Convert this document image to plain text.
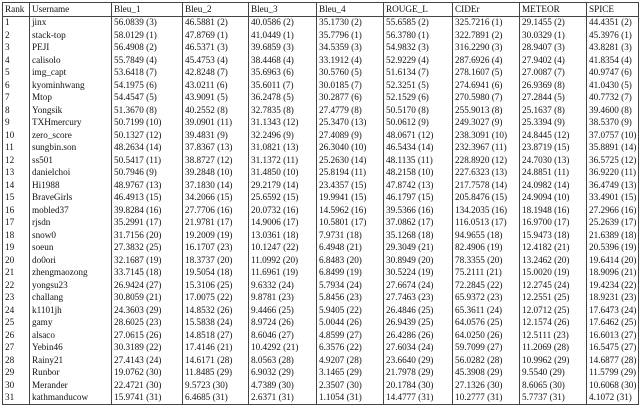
Rank	Username	Bleu_1	Bleu_2	Bleu_3	Bleu_4	ROUGE_L	CIDEr	METEOR	SPICE
1	jinx	56.0839 (3)	46.5881 (2)	40.0586 (2)	35.1730 (2)	55.6585 (2)	325.7216 (1)	29.1455 (2)	44.4351 (2)
2	stack-top	58.0129 (1)	47.8769 (1)	41.0449 (1)	35.7796 (1)	56.3780 (1)	322.7891 (2)	30.0329 (1)	45.3976 (1)
3	PEJI	56.4908 (2)	46.5371 (3)	39.6859 (3)	34.5359 (3)	54.9832 (3)	316.2290 (3)	28.9407 (3)	43.8281 (3)
4	calisolo	55.7849 (4)	45.4753 (4)	38.4468 (4)	33.1912 (4)	52.9229 (4)	287.6926 (4)	27.9402 (4)	41.8354 (4)
5	img_capt	53.6418 (7)	42.8248 (7)	35.6963 (6)	30.5760 (5)	51.6134 (7)	278.1607 (5)	27.0087 (7)	40.9747 (6)
6	kyominhwang	54.1975 (6)	43.0211 (6)	35.6011 (7)	30.0185 (7)	52.3251 (5)	274.6941 (6)	26.9369 (8)	41.0430 (5)
7	Mtop	54.4547 (5)	43.9091 (5)	36.2478 (5)	30.2877 (6)	52.1529 (6)	270.5980 (7)	27.2844 (5)	40.7732 (7)
8	Yongsik	51.3670 (8)	40.2552 (8)	32.7835 (8)	27.4779 (8)	50.5170 (8)	255.9013 (8)	25.1637 (8)	39.4600 (8)
9	TXHmercury	50.7199 (10)	39.0901 (11)	31.1343 (12)	25.3470 (13)	50.0612 (9)	249.3027 (9)	25.3394 (9)	38.5370 (9)
10	zero_score	50.1327 (12)	39.4831 (9)	32.2496 (9)	27.4089 (9)	48.0671 (12)	238.3091 (10)	24.8445 (12)	37.0757 (10)
11	sungbin.son	48.2634 (14)	37.8367 (13)	31.0821 (13)	26.3040 (10)	46.5434 (14)	232.3967 (11)	23.8719 (15)	35.8891 (14)
12	ss501	50.5417 (11)	38.8727 (12)	31.1372 (11)	25.2630 (14)	48.1135 (11)	228.8920 (12)	24.7030 (13)	36.5725 (12)
13	danielchoi	50.7946 (9)	39.2848 (10)	31.4850 (10)	25.8194 (11)	48.2158 (10)	227.6323 (13)	24.8851 (11)	36.9220 (11)
14	Hi1988	48.9767 (13)	37.1830 (14)	29.2179 (14)	23.4357 (15)	47.8742 (13)	217.7578 (14)	24.0982 (14)	36.4749 (13)
15	BraveGirls	46.4913 (15)	34.2066 (15)	25.6592 (15)	19.9941 (15)	46.1797 (15)	205.8476 (15)	24.9094 (10)	33.4901 (15)
16	mobled37	39.8284 (16)	27.7706 (16)	20.0732 (16)	14.5962 (16)	39.5366 (16)	134.2035 (16)	18.1948 (16)	27.2966 (16)
17	rjsdn	35.2991 (17)	21.9781 (17)	14.9006 (17)	10.5801 (17)	37.0862 (17)	116.0513 (17)	16.9700 (17)	25.2639 (17)
18	snow0	31.7156 (20)	19.2009 (19)	13.0361 (18)	7.9731 (18)	35.1268 (18)	94.9655 (18)	15.9473 (18)	21.6389 (18)
19	soeun	27.3832 (25)	16.1707 (23)	10.1247 (22)	6.4948 (21)	29.3049 (21)	82.4906 (19)	12.4182 (21)	20.5396 (19)
20	do0ori	32.1687 (19)	18.3737 (20)	11.0992 (20)	6.8483 (20)	30.8949 (20)	78.3355 (20)	13.2462 (20)	19.6414 (20)
21	zhengmaozong	33.7145 (18)	19.5054 (18)	11.6961 (19)	6.8499 (19)	30.5224 (19)	75.2111 (21)	15.0020 (19)	18.9096 (21)
22	yongsu23	26.9424 (27)	15.3106 (25)	9.6332 (24)	5.7934 (24)	27.6674 (24)	72.2845 (22)	12.2745 (24)	19.4234 (22)
23	challang	30.8059 (21)	17.0075 (22)	9.8781 (23)	5.8456 (23)	27.7463 (23)	65.9372 (23)	12.2551 (25)	18.9231 (23)
24	k1101jh	24.3603 (29)	14.8532 (26)	9.4466 (25)	5.9405 (22)	26.4846 (25)	65.3611 (24)	12.0712 (25)	17.6473 (24)
25	gamy	28.6025 (23)	15.5838 (24)	8.9724 (26)	5.0044 (26)	26.9439 (25)	64.0576 (25)	12.1574 (26)	17.6462 (25)
26	alsaco	27.0615 (26)	14.8518 (27)	8.6046 (27)	4.8599 (27)	26.4286 (26)	64.0250 (26)	12.5111 (23)	16.6013 (27)
27	Yebin46	30.3189 (22)	17.4146 (21)	10.4292 (21)	6.3576 (22)	27.6034 (24)	59.7099 (27)	11.2069 (28)	16.5475 (27)
28	Rainy21	27.4143 (24)	14.6171 (28)	8.0563 (28)	4.9207 (28)	23.6640 (29)	56.0282 (28)	10.9962 (29)	14.6877 (28)
29	Runbor	19.0762 (30)	11.8485 (29)	6.9032 (29)	3.1465 (29)	21.7978 (29)	45.3908 (29)	9.5540 (29)	11.5799 (29)
30	Merander	22.4721 (30)	9.5723 (30)	4.7389 (30)	2.3507 (30)	20.1784 (30)	27.1326 (30)	8.6065 (30)	10.6068 (30)
31	kathmanducow	15.9741 (31)	6.4685 (31)	2.6371 (31)	1.1054 (31)	14.4777 (31)	10.2777 (31)	5.7737 (31)	4.1072 (31)
